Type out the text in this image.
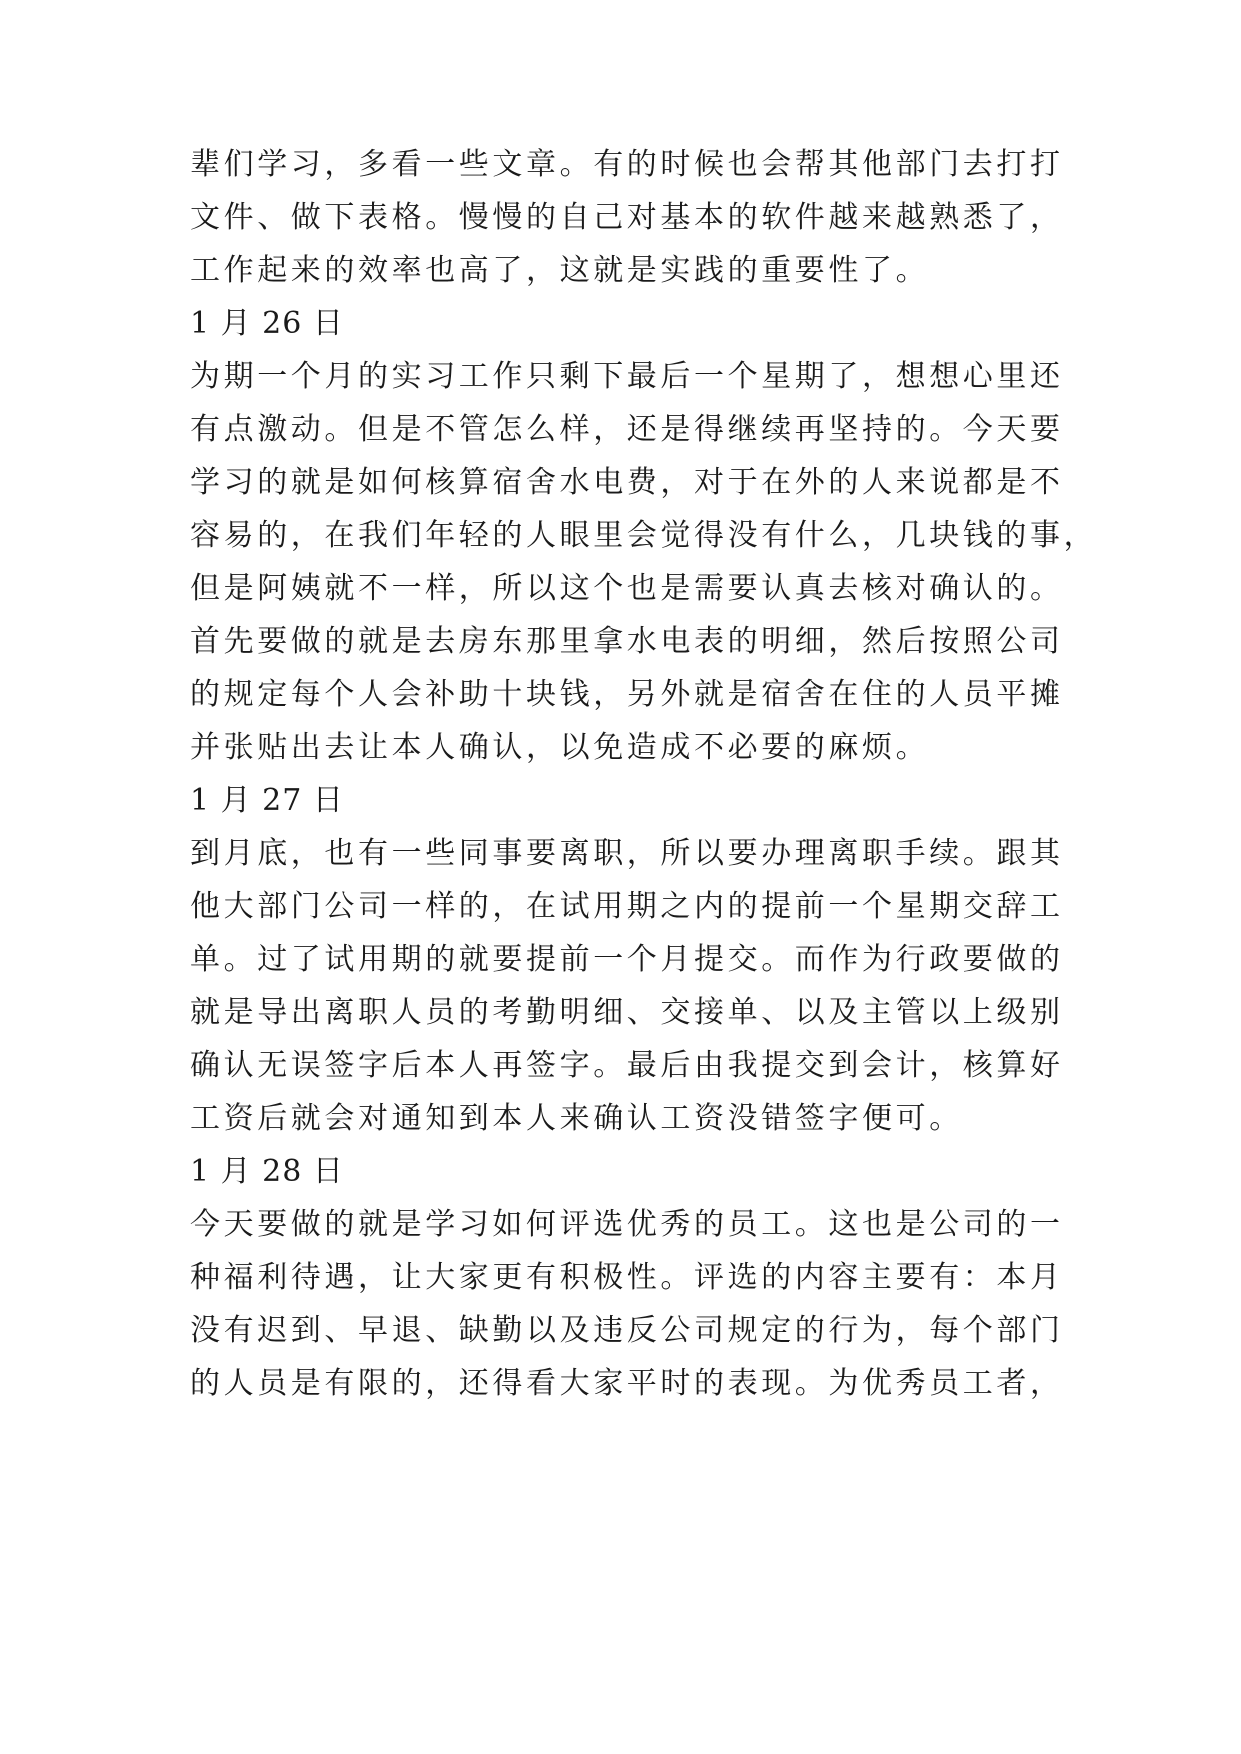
辈们学习，多看一些文章。有的时候也会帮其他部门去打打
文件、做下表格。慢慢的自己对基本的软件越来越熟悉了，
工作起来的效率也高了，这就是实践的重要性了。
1 月 26 日
为期一个月的实习工作只剩下最后一个星期了，想想心里还
有点激动。但是不管怎么样，还是得继续再坚持的。今天要
学习的就是如何核算宿舍水电费，对于在外的人来说都是不
容易的，在我们年轻的人眼里会觉得没有什么，几块钱的事，
但是阿姨就不一样，所以这个也是需要认真去核对确认的。
首先要做的就是去房东那里拿水电表的明细，然后按照公司
的规定每个人会补助十块钱，另外就是宿舍在住的人员平摊
并张贴出去让本人确认，以免造成不必要的麻烦。
1 月 27 日
到月底，也有一些同事要离职，所以要办理离职手续。跟其
他大部门公司一样的，在试用期之内的提前一个星期交辞工
单。过了试用期的就要提前一个月提交。而作为行政要做的
就是导出离职人员的考勤明细、交接单、以及主管以上级别
确认无误签字后本人再签字。最后由我提交到会计，核算好
工资后就会对通知到本人来确认工资没错签字便可。
1 月 28 日
今天要做的就是学习如何评选优秀的员工。这也是公司的一
种福利待遇，让大家更有积极性。评选的内容主要有：本月
没有迟到、早退、缺勤以及违反公司规定的行为，每个部门
的人员是有限的，还得看大家平时的表现。为优秀员工者，
